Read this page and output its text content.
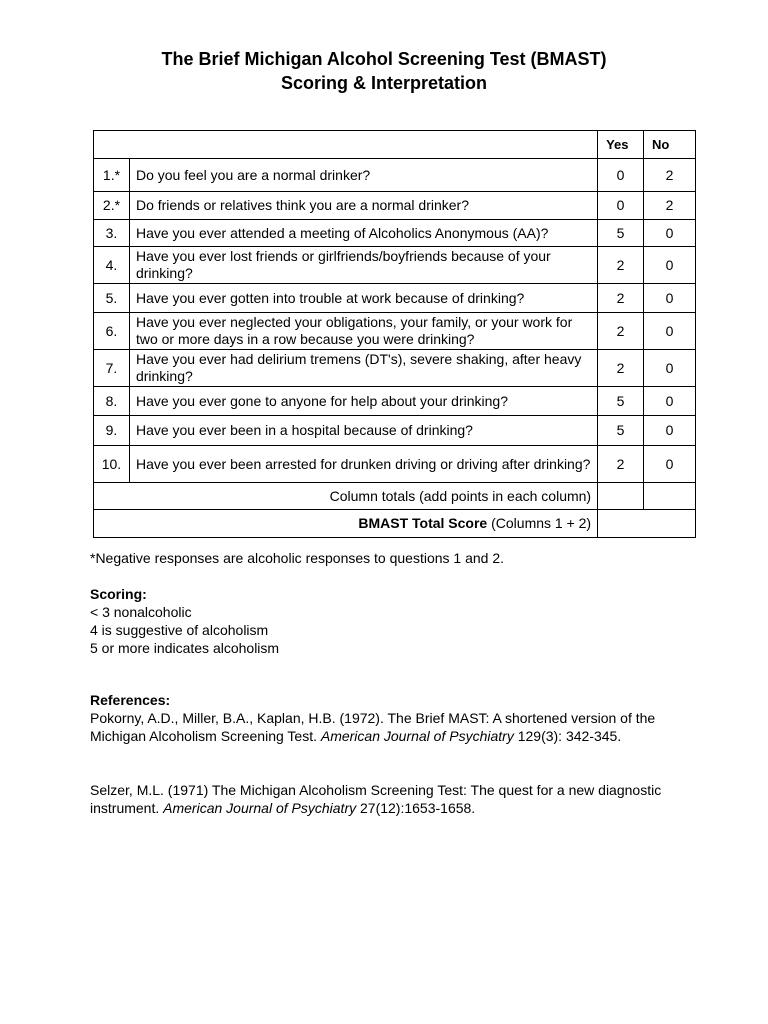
The Brief Michigan Alcohol Screening Test (BMAST)
Scoring & Interpretation
		Yes	No
1.*	Do you feel you are a normal drinker?	0	2
2.*	Do friends or relatives think you are a normal drinker?	0	2
3.	Have you ever attended a meeting of Alcoholics Anonymous (AA)?	5	0
4.	Have you ever lost friends or girlfriends/boyfriends because of your drinking?	2	0
5.	Have you ever gotten into trouble at work because of drinking?	2	0
6.	Have you ever neglected your obligations, your family, or your work for two or more days in a row because you were drinking?	2	0
7.	Have you ever had delirium tremens (DT's), severe shaking, after heavy drinking?	2	0
8.	Have you ever gone to anyone for help about your drinking?	5	0
9.	Have you ever been in a hospital because of drinking?	5	0
10.	Have you ever been arrested for drunken driving or driving after drinking?	2	0
Column totals (add points in each column)			
BMAST Total Score (Columns 1 + 2)			
*Negative responses are alcoholic responses to questions 1 and 2.
Scoring:
< 3 nonalcoholic
4 is suggestive of alcoholism
5 or more indicates alcoholism
References:
Pokorny, A.D., Miller, B.A., Kaplan, H.B. (1972). The Brief MAST: A shortened version of the Michigan Alcoholism Screening Test. American Journal of Psychiatry 129(3): 342-345.
Selzer, M.L. (1971) The Michigan Alcoholism Screening Test: The quest for a new diagnostic instrument. American Journal of Psychiatry 27(12):1653-1658.
